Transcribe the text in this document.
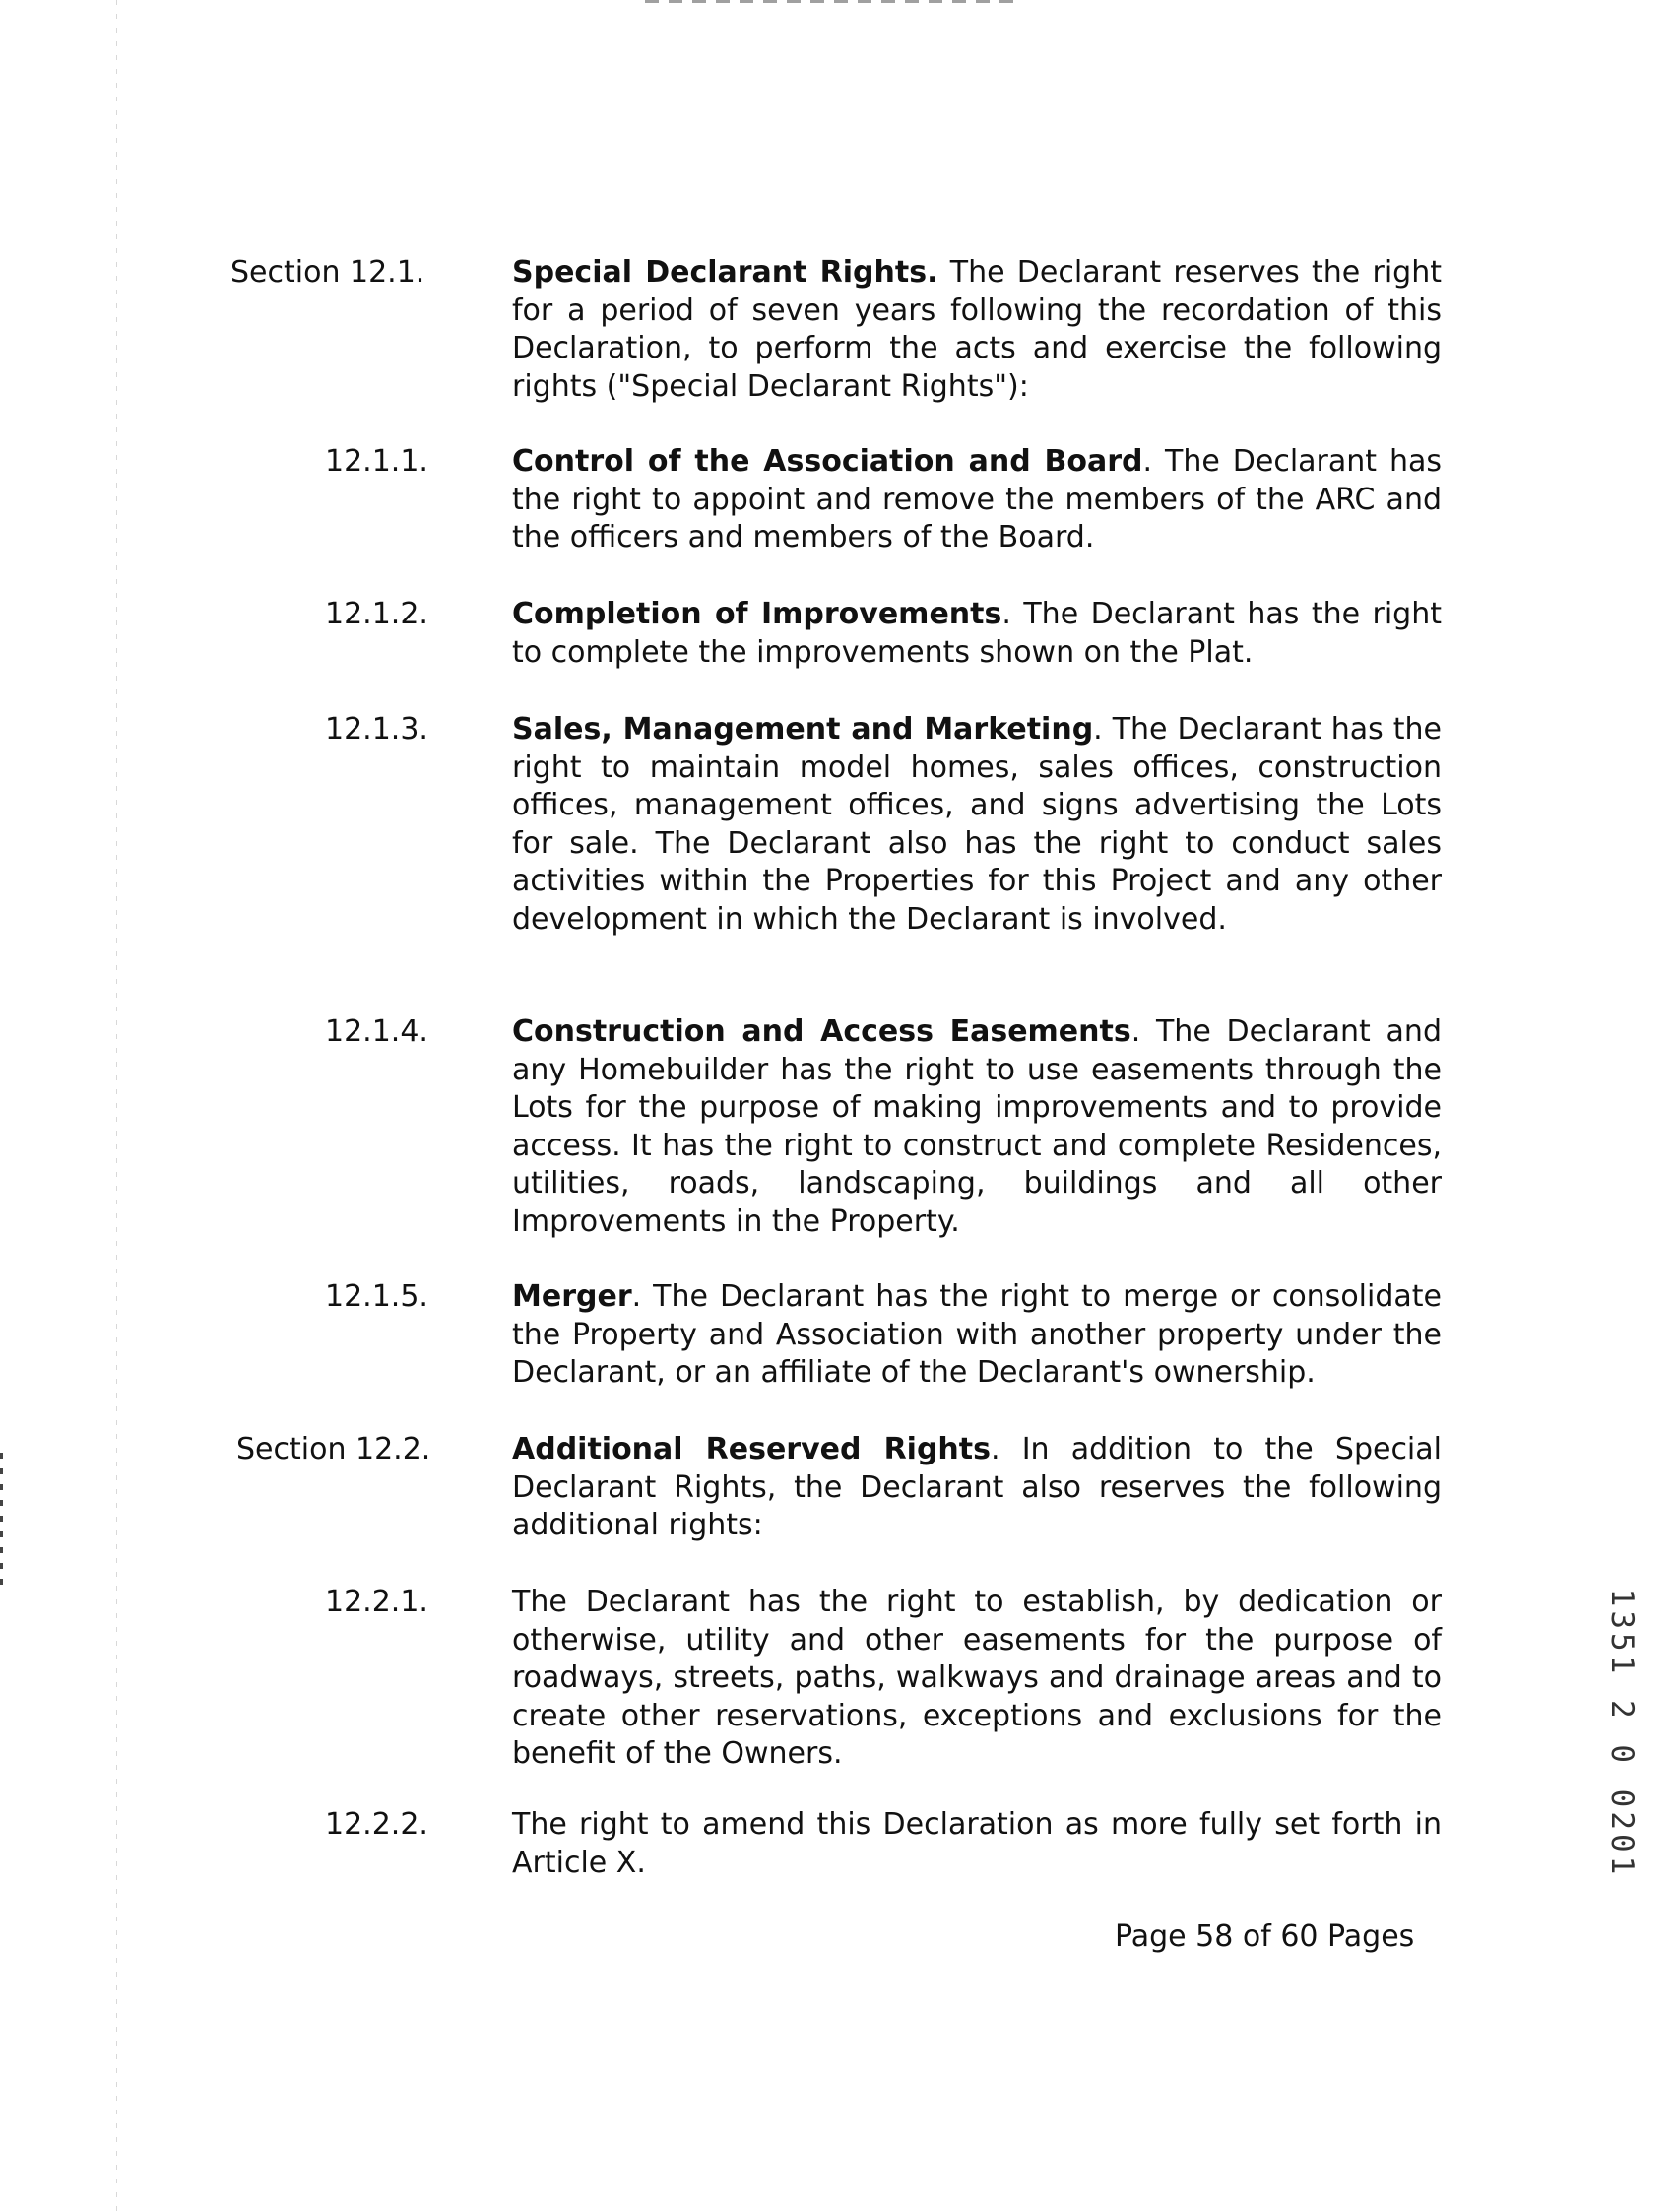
Section 12.1.	Special Declarant Rights. The Declarant reserves the right for a period of seven years following the recordation of this Declaration, to perform the acts and exercise the following rights ("Special Declarant Rights"):

12.1.1.	Control of the Association and Board. The Declarant has the right to appoint and remove the members of the ARC and the officers and members of the Board.

12.1.2.	Completion of Improvements. The Declarant has the right to complete the improvements shown on the Plat.

12.1.3.	Sales, Management and Marketing. The Declarant has the right to maintain model homes, sales offices, construction offices, management offices, and signs advertising the Lots for sale. The Declarant also has the right to conduct sales activities within the Properties for this Project and any other development in which the Declarant is involved.

12.1.4.	Construction and Access Easements. The Declarant and any Homebuilder has the right to use easements through the Lots for the purpose of making improvements and to provide access. It has the right to construct and complete Residences, utilities, roads, landscaping, buildings and all other Improvements in the Property.

12.1.5.	Merger. The Declarant has the right to merge or consolidate the Property and Association with another property under the Declarant, or an affiliate of the Declarant's ownership.

Section 12.2.	Additional Reserved Rights. In addition to the Special Declarant Rights, the Declarant also reserves the following additional rights:

12.2.1.	The Declarant has the right to establish, by dedication or otherwise, utility and other easements for the purpose of roadways, streets, paths, walkways and drainage areas and to create other reservations, exceptions and exclusions for the benefit of the Owners.

12.2.2.	The right to amend this Declaration as more fully set forth in Article X.

Page 58 of 60 Pages
1351 2 0 0201
